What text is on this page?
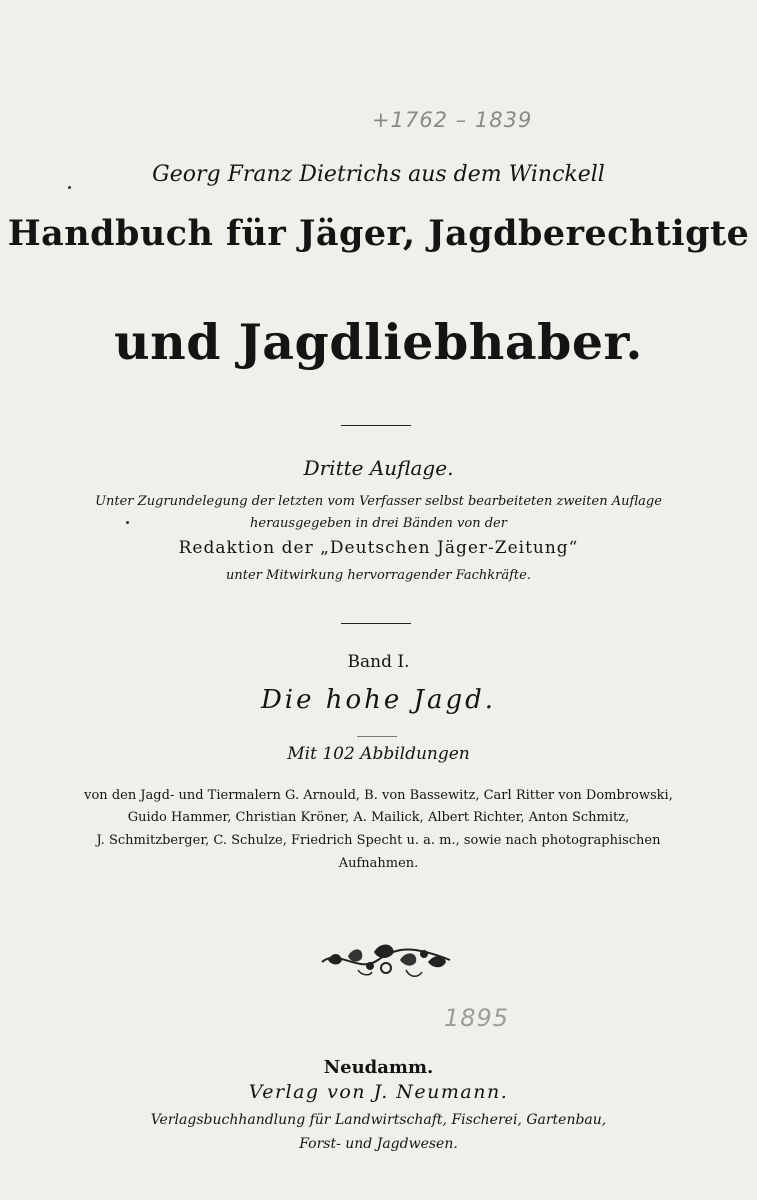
+1762 – 1839
Georg Franz Dietrichs aus dem Winckell
Handbuch für Jäger, Jagdberechtigte
und Jagdliebhaber.
Dritte Auflage.
Unter Zugrundelegung der letzten vom Verfasser selbst bearbeiteten zweiten Auflage
herausgegeben in drei Bänden von der
Redaktion der „Deutschen Jäger-Zeitung“
unter Mitwirkung hervorragender Fachkräfte.
Band I.
Die hohe Jagd.
Mit 102 Abbildungen
von den Jagd- und Tiermalern G. Arnould, B. von Bassewitz, Carl Ritter von Dombrowski,
Guido Hammer, Christian Kröner, A. Mailick, Albert Richter, Anton Schmitz,
J. Schmitzberger, C. Schulze, Friedrich Specht u. a. m., sowie nach photographischen
Aufnahmen.
1895
Neudamm.
Verlag von J. Neumann.
Verlagsbuchhandlung für Landwirtschaft, Fischerei, Gartenbau,
Forst- und Jagdwesen.
